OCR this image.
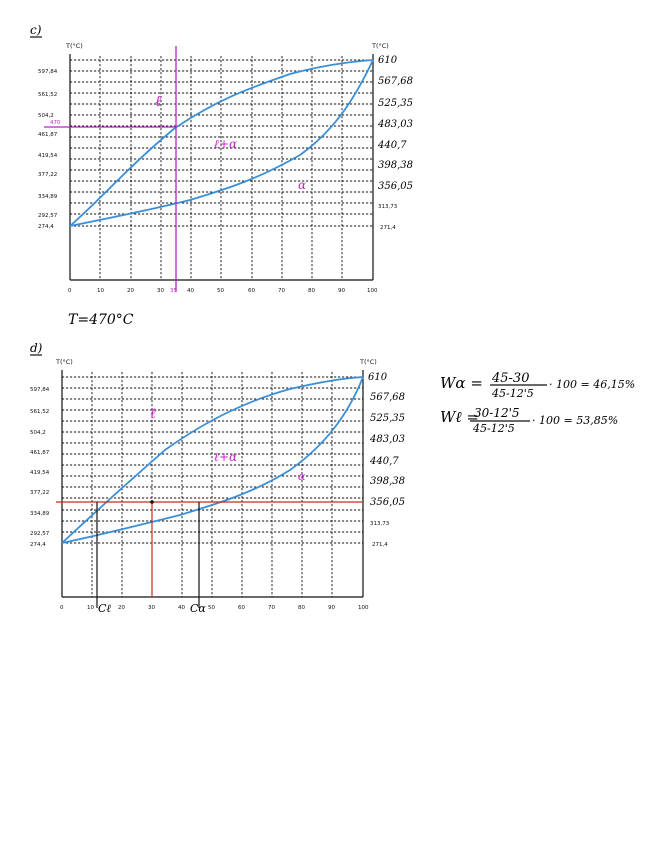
c)
T(°C)	T(°C)
35
470
ℓ
ℓ+α
α
597,84
561,52
504,2
461,87
419,54
377,22
334,89
292,57
274,4
610
567,68
525,35
483,03
440,7
398,38
356,05
313,73
271,4
0	10	20	30	40	50	60	70	80	90	100
T=470°C
d)
T(°C)	T(°C)
ℓ
ℓ+α
α
597,84
561,52
504,2
461,87
419,54
377,22
334,89
292,57
274,4
610
567,68
525,35
483,03
440,7
398,38
356,05
313,73
271,4
0	10	20	30	40	50	60	70	80	90	100
Cℓ	Cα
Wα = 45-30
45-12'5
· 100 = 46,15%
Wℓ =
30-12'5
45-12'5
· 100 = 53,85%
